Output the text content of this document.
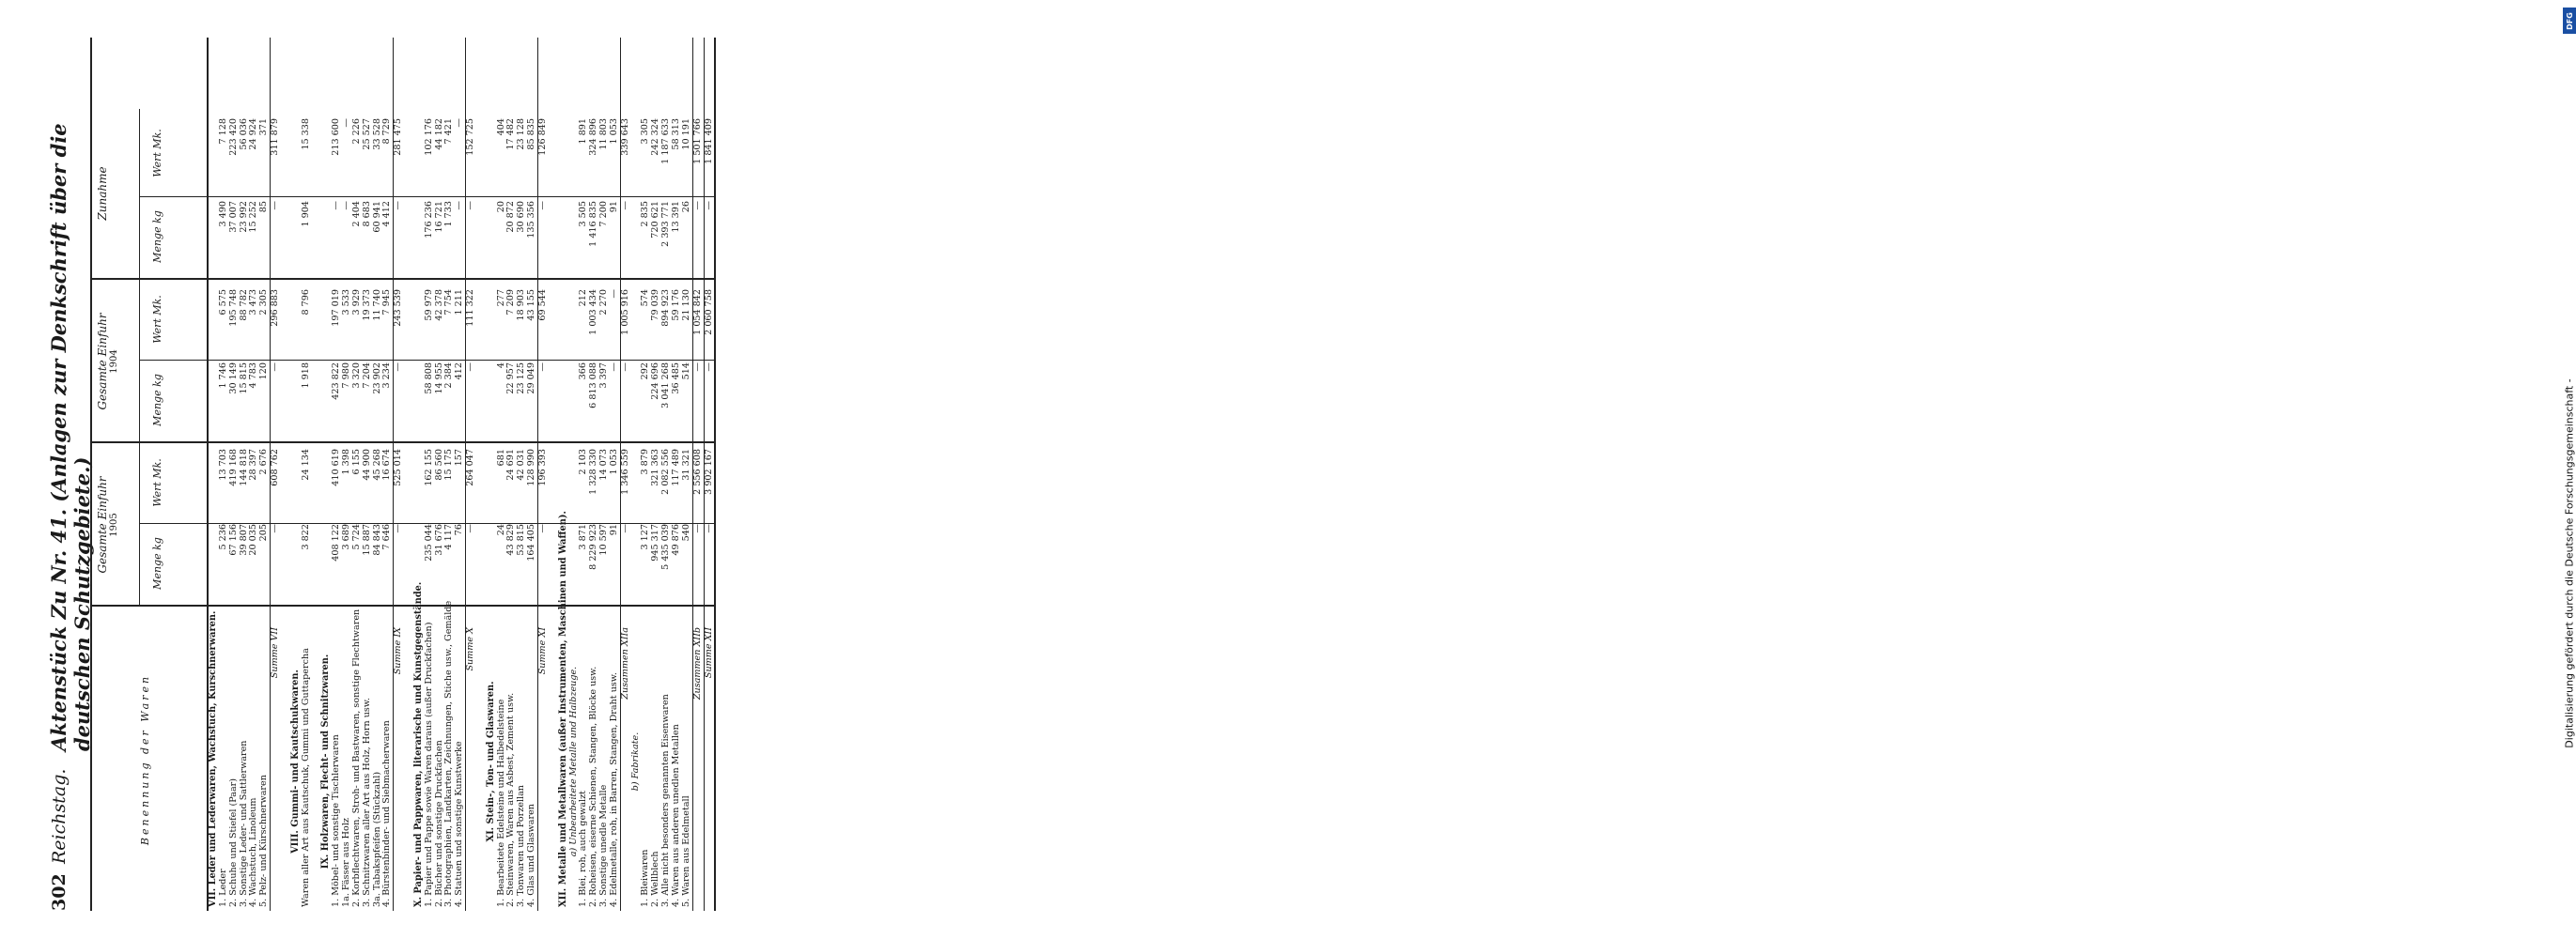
DFG
Digitalisierung gefördert durch die Deutsche Forschungsgemeinschaft -
302
Reichstag.
Aktenstück Zu Nr. 41. (Anlagen zur Denkschrift über die deutschen Schutzgebiete.)
Benennung der Waren
Gesamte Einfuhr 1905
Gesamte Einfuhr 1904
Zunahme
Menge kg
Wert Mk.
Menge kg
Wert Mk.
Menge kg
Wert Mk.
VII. Leder und Lederwaren, Wachstuch, Kürschnerwaren. 1. Leder
5 236
13 703
1 746
6 575
3 490
7 128
2. Schuhe und Stiefel (Paar)
67 156
419 168
30 149
195 748
37 007
223 420
3. Sonstige Leder- und Sattlerwaren
39 807
144 818
15 815
88 782
23 992
56 036
4. Wachstuch, Linoleum
20 035
28 397
4 783
3 473
15 252
24 924
5. Pelz- und Kürschnerwaren
205
2 676
120
2 305
85
371
Summe VII
—
608 762
—
296 883
—
311 879
VIII. Gummi- und Kautschukwaren. Waren aller Art aus Kautschuk, Gummi und Guttapercha
3 822
24 134
1 918
8 796
1 904
15 338
IX. Holzwaren, Flecht- und Schnitzwaren. 1. Möbel- und sonstige Tischlerwaren
408 122
410 619
423 822
197 019
—
213 600
1a. Fässer aus Holz
3 689
1 398
7 980
3 533
—
—
2. Korbflechtwaren, Stroh- und Bastwaren, sonstige Flechtwaren
5 724
6 155
3 320
3 929
2 404
2 226
3. Schnitzwaren aller Art aus Holz, Horn usw.
15 887
44 900
7 204
19 373
8 683
25 527
3a. Tabakspfeifen (Stückzahl)
84 843
45 268
23 902
11 740
60 941
33 528
4. Bürstenbinder- und Siebmacherwaren
7 646
16 674
3 234
7 945
4 412
8 729
Summe IX
—
525 014
—
243 539
—
281 475
X. Papier- und Pappwaren, literarische und Kunstgegenstände. 1. Papier und Pappe sowie Waren daraus (außer Druckfachen)
235 044
162 155
58 808
59 979
176 236
102 176
2. Bücher und sonstige Druckfachen
31 676
86 560
14 955
42 378
16 721
44 182
3. Photographien, Landkarten, Zeichnungen, Stiche usw., Gemälde
4 117
15 175
2 384
7 754
1 733
7 421
4. Statuen und sonstige Kunstwerke
76
157
412
1 211
—
—
Summe X
—
264 047
—
111 322
—
152 725
XI. Stein-, Ton- und Glaswaren. 1. Bearbeitete Edelsteine und Halbedelsteine
24
681
4
277
20
404
2. Steinwaren, Waren aus Asbest, Zement usw.
43 829
24 691
22 957
7 209
20 872
17 482
3. Tonwaren und Porzellan
53 815
42 031
23 125
18 903
30 690
23 128
4. Glas und Glaswaren
164 405
128 990
29 049
43 155
135 356
85 835
Summe XI
—
196 393
—
69 544
—
126 849
XII. Metalle und Metallwaren (außer Instrumenten, Maschinen und Waffen). a) Unbearbeitete Metalle und Halbzeuge. 1. Blei, roh, auch gewalzt
3 871
2 103
366
212
3 505
1 891
2. Roheisen, eiserne Schienen, Stangen, Blöcke usw.
8 229 923
1 328 330
6 813 088
1 003 434
1 416 835
324 896
3. Sonstige unedle Metalle
10 597
14 073
3 397
2 270
7 200
11 803
4. Edelmetalle, roh, in Barren, Stangen, Draht usw.
91
1 053
—
—
91
1 053
Zusammen XIIa
—
1 346 559
—
1 005 916
—
339 643
b) Fabrikate.
1. Bleiwaren
3 127
3 879
292
574
2 835
3 305
2. Wellblech
945 317
321 363
224 696
79 039
720 621
242 324
3. Alle nicht besonders genannten Eisenwaren
5 435 039
2 082 556
3 041 268
894 923
2 393 771
1 187 633
4. Waren aus anderen unedlen Metallen
49 876
117 489
36 485
59 176
13 391
58 313
5. Waren aus Edelmetall
540
31 321
514
21 130
26
10 191
Zusammen XIIb
—
2 556 608
—
1 054 842
—
1 501 766
Summe XII
—
3 902 167
—
2 060 758
—
1 841 409
